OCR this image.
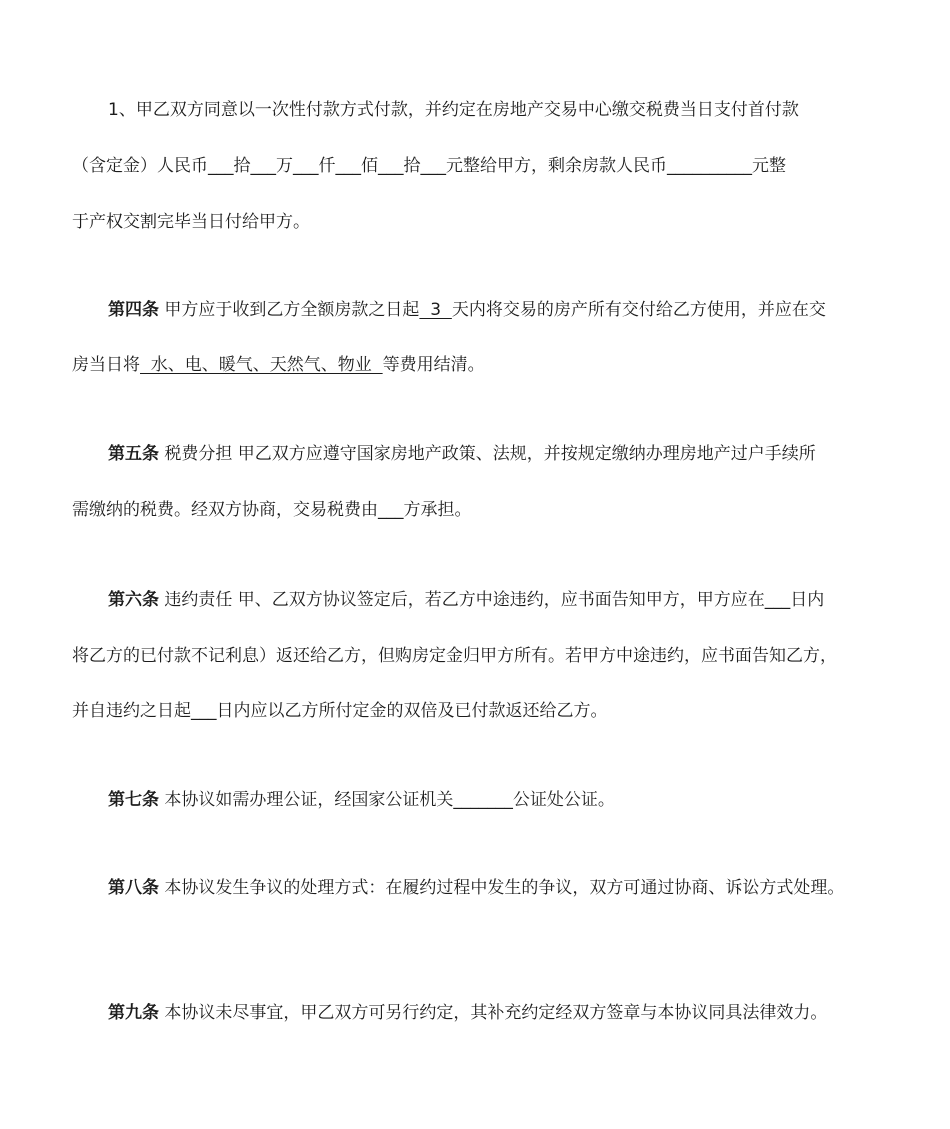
1、甲乙双方同意以一次性付款方式付款，并约定在房地产交易中心缴交税费当日支付首付款
（含定金）人民币___拾___万___仟___佰___拾___元整给甲方，剩余房款人民币__________元整
于产权交割完毕当日付给甲方。
第四条 甲方应于收到乙方全额房款之日起  3  天内将交易的房产所有交付给乙方使用，并应在交
房当日将  水、电、暖气、天然气、物业  等费用结清。
第五条 税费分担 甲乙双方应遵守国家房地产政策、法规，并按规定缴纳办理房地产过户手续所
需缴纳的税费。经双方协商，交易税费由___方承担。
第六条 违约责任 甲、乙双方协议签定后，若乙方中途违约，应书面告知甲方，甲方应在___日内
将乙方的已付款不记利息）返还给乙方，但购房定金归甲方所有。若甲方中途违约，应书面告知乙方，
并自违约之日起___日内应以乙方所付定金的双倍及已付款返还给乙方。
第七条 本协议如需办理公证，经国家公证机关_______公证处公证。
第八条 本协议发生争议的处理方式：在履约过程中发生的争议，双方可通过协商、诉讼方式处理。
第九条 本协议未尽事宜，甲乙双方可另行约定，其补充约定经双方签章与本协议同具法律效力。
